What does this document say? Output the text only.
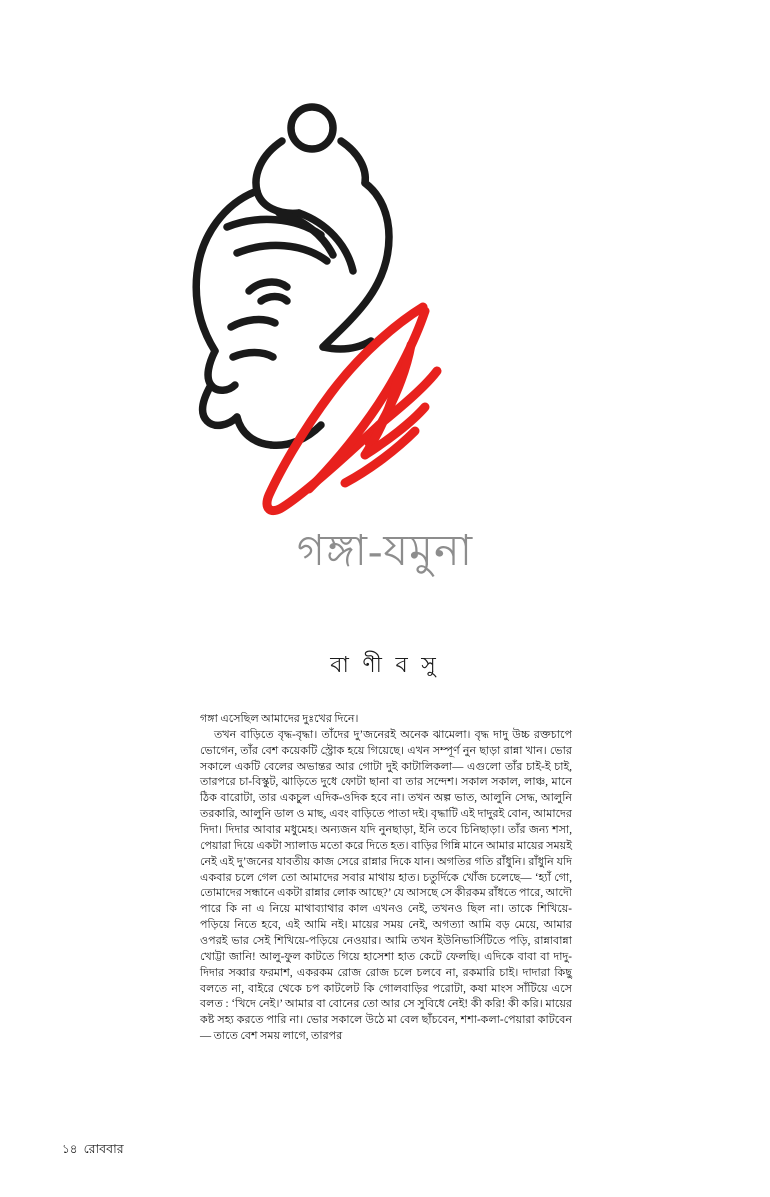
গঙ্গা-যমুনা
বা ণী ব সু

গঙ্গা এসেছিল আমাদের দুঃখের দিনে।

তখন বাড়িতে বৃদ্ধ-বৃদ্ধা। তাঁদের দু’জনেরই অনেক ঝামেলা। বৃদ্ধ দাদু উচ্চ রক্তচাপে ভোগেন, তাঁর বেশ কয়েকটি স্ট্রোক হয়ে গিয়েছে। এখন সম্পূর্ণ নুন ছাড়া রান্না খান। ভোর সকালে একটি বেলের অভান্তর আর গোটা দুই কাটালিকলা— এগুলো তাঁর চাই-ই চাই, তারপরে চা-বিস্কুট, ঝাড়িতে দুধে ফোটা ছানা বা তার সন্দেশ। সকাল সকাল, লাঞ্চ, মানে ঠিক বারোটা, তার একচুল এদিক-ওদিক হবে না। তখন অল্প ভাত, আলুনি সেদ্ধ, আলুনি তরকারি, আলুনি ডাল ও মাছ, এবং বাড়িতে পাতা দই। বৃদ্ধাটি এই দাদুরই বোন, আমাদের দিদা। দিদার আবার মধুমেহ। অন্যজন যদি নুনছাড়া, ইনি তবে চিনিছাড়া। তাঁর জন্য শসা, পেয়ারা দিয়ে একটা স্যালাড মতো করে দিতে হত। বাড়ির গিন্নি মানে আমার মায়ের সময়ই নেই এই দু’জনের যাবতীয় কাজ সেরে রান্নার দিকে যান। অগতির গতি রাঁধুনি। রাঁধুনি যদি একবার চলে গেল তো আমাদের সবার মাথায় হাত। চতুর্দিকে খোঁজ চলেছে— ‘হ্যাঁ গো, তোমাদের সন্ধানে একটা রান্নার লোক আছে?’ যে আসছে সে কীরকম রাঁধতে পারে, আদৌ পারে কি না এ নিয়ে মাথাব্যাথার কাল এখনও নেই, তখনও ছিল না। তাকে শিখিয়ে-পড়িয়ে নিতে হবে, এই আমি নই। মায়ের সময় নেই, অগত্যা আমি বড় মেয়ে, আমার ওপরই ভার সেই শিখিয়ে-পড়িয়ে নেওয়ার। আমি তখন ইউনিভার্সিটিতে পড়ি, রান্নাবান্না খোট্টা জানি! আলু-ফুল কাটতে গিয়ে হাসেশা হাত কেটে ফেলছি। এদিকে বাবা বা দাদু-দিদার সব্বার ফরমাশ, একরকম রোজ রোজ চলে চলবে না, রকমারি চাই। দাদারা কিছু বলতে না, বাইরে থেকে চপ কাটলেট কি গোলবাড়ির পরোটা, কষা মাংস সাঁটিয়ে এসে বলত : ‘খিদে নেই।’ আমার বা বোনের তো আর সে সুবিধে নেই! কী করি! কী করি। মায়ের কষ্ট সহ্য করতে পারি না। ভোর সকালে উঠে মা বেল ছাঁচবেন, শশা-কলা-পেয়ারা কাটবেন— তাতে বেশ সময় লাগে, তারপর

১৪ রোববার
